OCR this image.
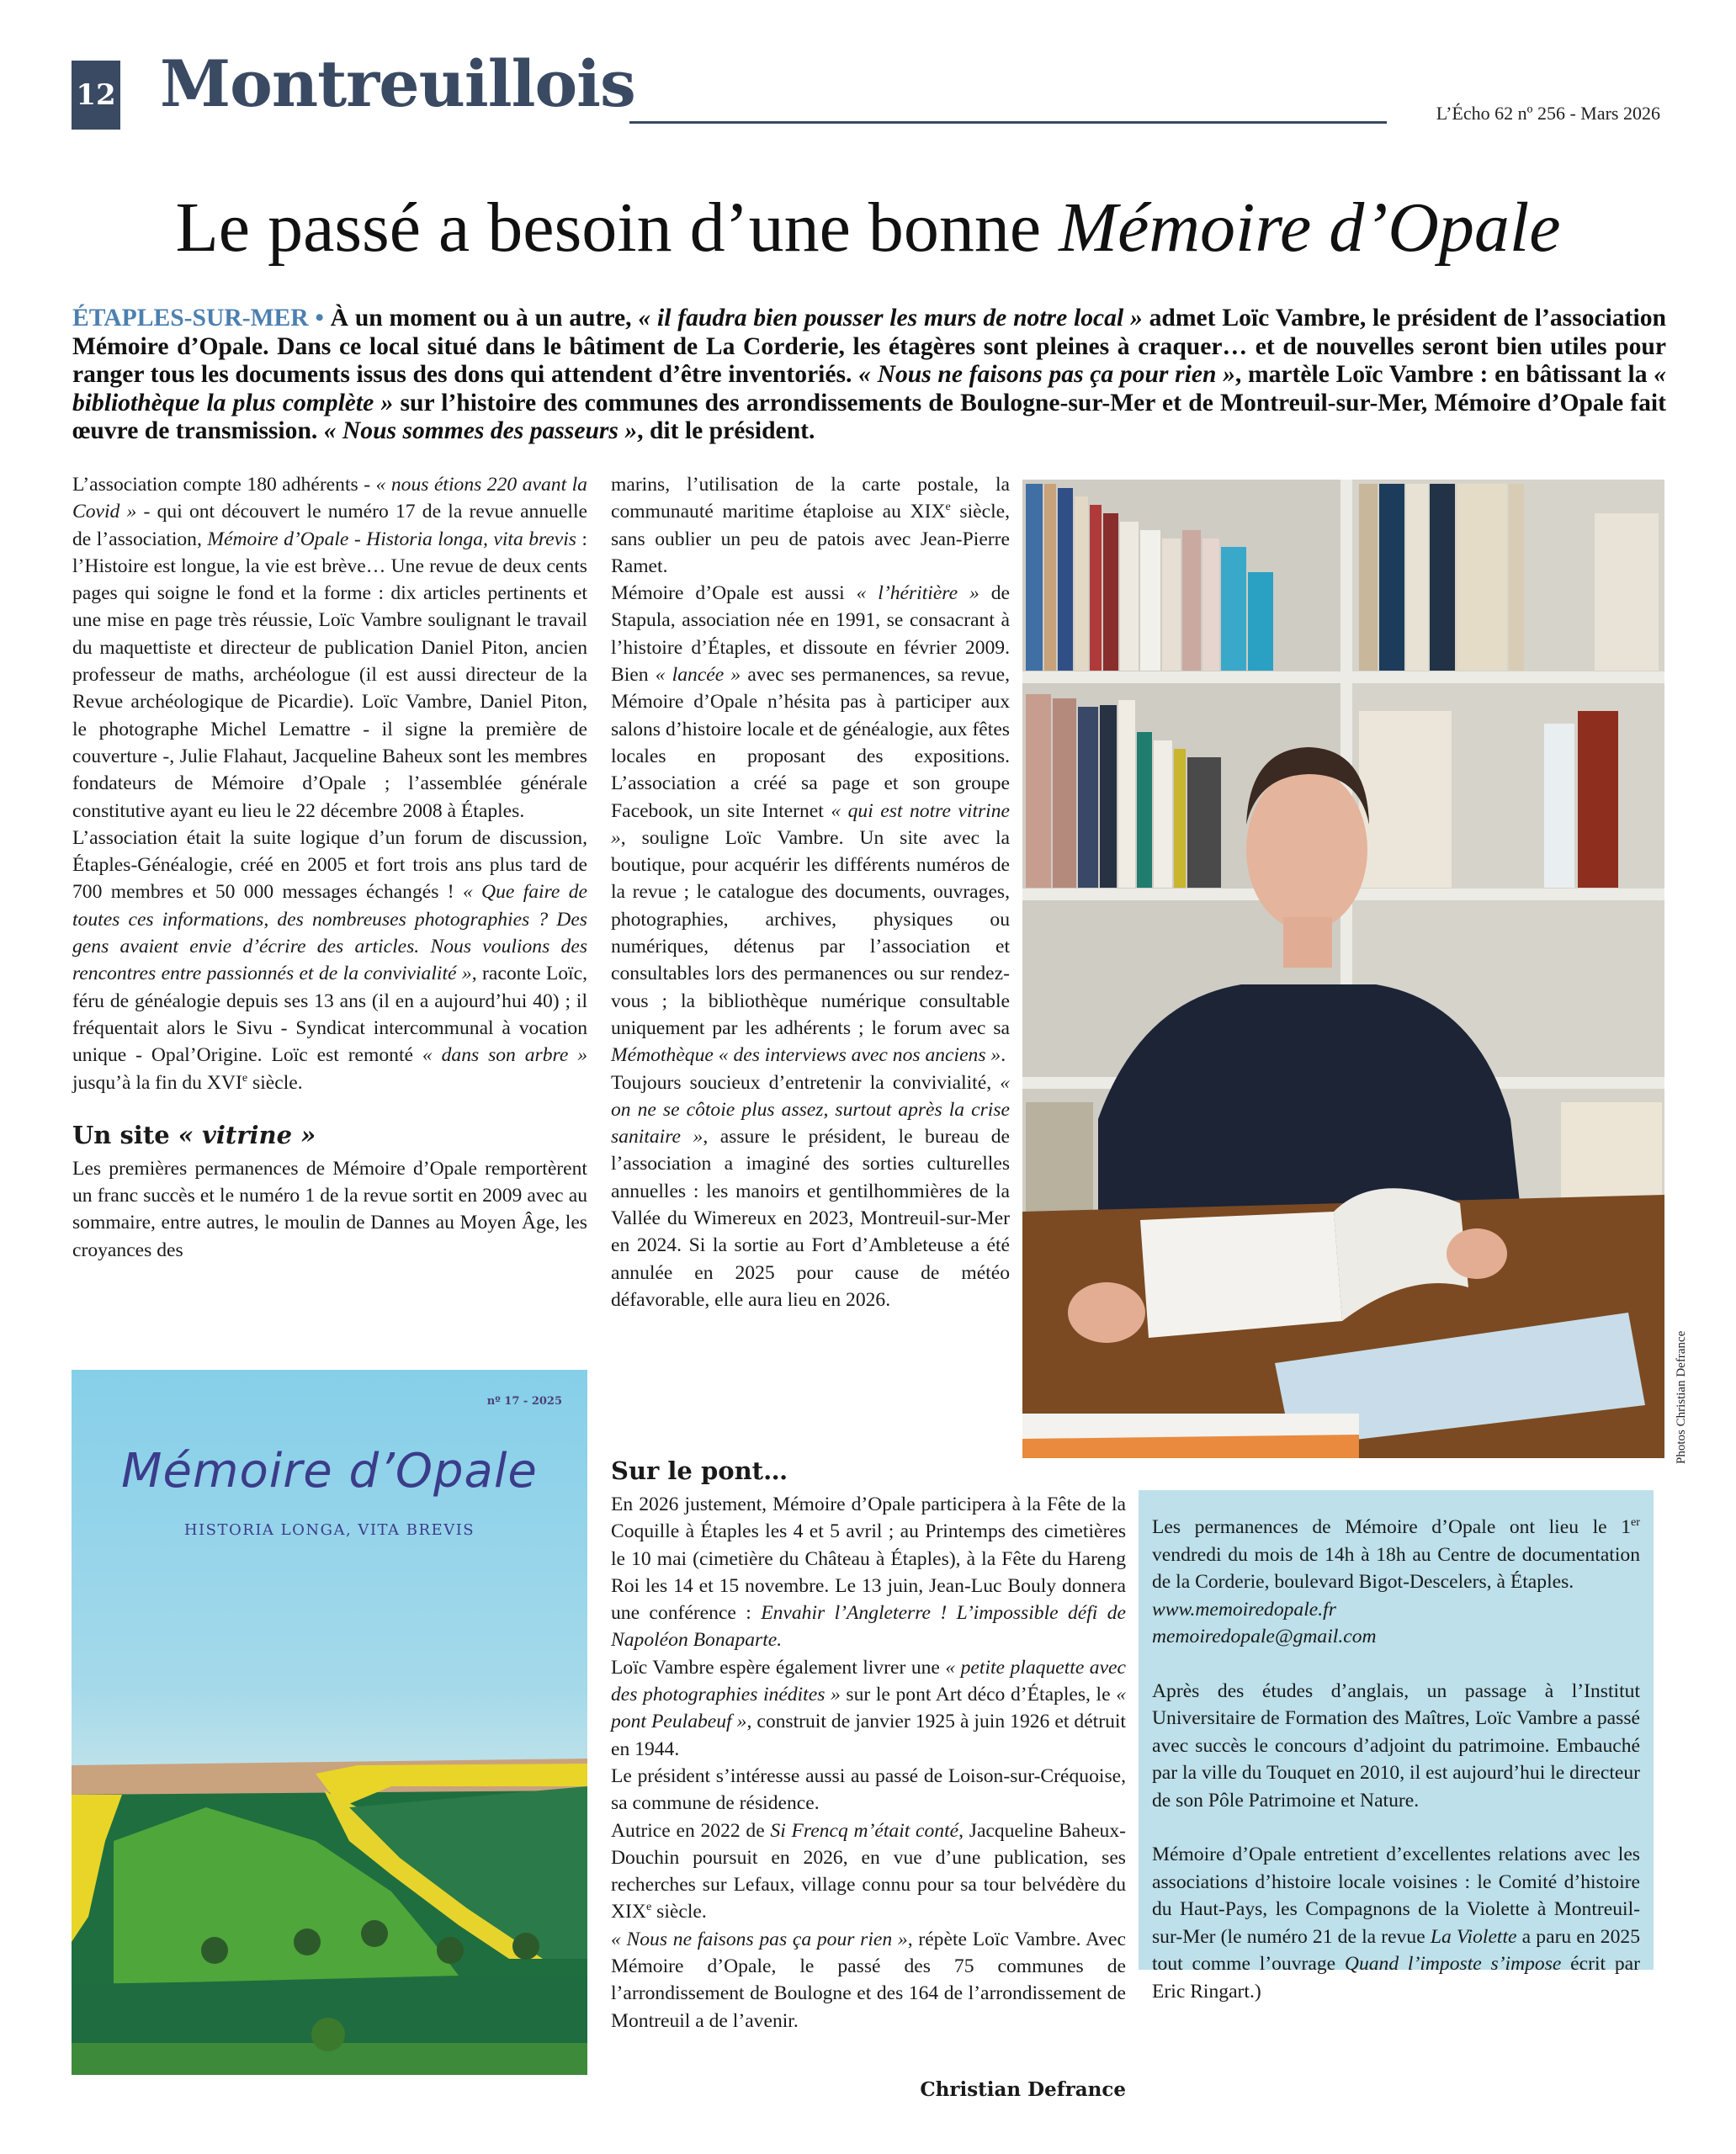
12 Montreuillois	L’Écho 62 nº 256 - Mars 2026
Le passé a besoin d’une bonne Mémoire d’Opale
ÉTAPLES-SUR-MER • À un moment ou à un autre, « il faudra bien pousser les murs de notre local » admet Loïc Vambre, le président de l’association Mémoire d’Opale. Dans ce local situé dans le bâtiment de La Corderie, les étagères sont pleines à craquer… et de nouvelles seront bien utiles pour ranger tous les documents issus des dons qui attendent d’être inventoriés. « Nous ne faisons pas ça pour rien », martèle Loïc Vambre : en bâtissant la « bibliothèque la plus complète » sur l’histoire des communes des arrondissements de Boulogne-sur-Mer et de Montreuil-sur-Mer, Mémoire d’Opale fait œuvre de transmission. « Nous sommes des passeurs », dit le président.

L’association compte 180 adhérents - « nous étions 220 avant la Covid » - qui ont découvert le numéro 17 de la revue annuelle de l’association, Mémoire d’Opale - Historia longa, vita brevis : l’Histoire est longue, la vie est brève… Une revue de deux cents pages qui soigne le fond et la forme : dix articles pertinents et une mise en page très réussie, Loïc Vambre soulignant le travail du maquettiste et directeur de publication Daniel Piton, ancien professeur de maths, archéologue (il est aussi directeur de la Revue archéologique de Picardie). Loïc Vambre, Daniel Piton, le photographe Michel Lemattre - il signe la première de couverture -, Julie Flahaut, Jacqueline Baheux sont les membres fondateurs de Mémoire d’Opale ; l’assemblée générale constitutive ayant eu lieu le 22 décembre 2008 à Étaples.

L’association était la suite logique d’un forum de discussion, Étaples-Généalogie, créé en 2005 et fort trois ans plus tard de 700 membres et 50 000 messages échangés ! « Que faire de toutes ces informations, des nombreuses photographies ? Des gens avaient envie d’écrire des articles. Nous voulions des rencontres entre passionnés et de la convivialité », raconte Loïc, féru de généalogie depuis ses 13 ans (il en a aujourd’hui 40) ; il fréquentait alors le Sivu - Syndicat intercommunal à vocation unique - Opal’Origine. Loïc est remonté « dans son arbre » jusqu’à la fin du XVIe siècle.

Un site « vitrine »

Les premières permanences de Mémoire d’Opale remportèrent un franc succès et le numéro 1 de la revue sortit en 2009 avec au sommaire, entre autres, le moulin de Dannes au Moyen Âge, les croyances des

nº 17 - 2025
Mémoire d’Opale
HISTORIA LONGA, VITA BREVIS

marins, l’utilisation de la carte postale, la communauté maritime étaploise au XIXe siècle, sans oublier un peu de patois avec Jean-Pierre Ramet.

Mémoire d’Opale est aussi « l’héritière » de Stapula, association née en 1991, se consacrant à l’histoire d’Étaples, et dissoute en février 2009. Bien « lancée » avec ses permanences, sa revue, Mémoire d’Opale n’hésita pas à participer aux salons d’histoire locale et de généalogie, aux fêtes locales en proposant des expositions. L’association a créé sa page et son groupe Facebook, un site Internet « qui est notre vitrine », souligne Loïc Vambre. Un site avec la boutique, pour acquérir les différents numéros de la revue ; le catalogue des documents, ouvrages, photographies, archives, physiques ou numériques, détenus par l’association et consultables lors des permanences ou sur rendez-vous ; la bibliothèque numérique consultable uniquement par les adhérents ; le forum avec sa Mémothèque « des interviews avec nos anciens ».

Toujours soucieux d’entretenir la convivialité, « on ne se côtoie plus assez, surtout après la crise sanitaire », assure le président, le bureau de l’association a imaginé des sorties culturelles annuelles : les manoirs et gentilhommières de la Vallée du Wimereux en 2023, Montreuil-sur-Mer en 2024. Si la sortie au Fort d’Ambleteuse a été annulée en 2025 pour cause de météo défavorable, elle aura lieu en 2026.

Sur le pont…

En 2026 justement, Mémoire d’Opale participera à la Fête de la Coquille à Étaples les 4 et 5 avril ; au Printemps des cimetières le 10 mai (cimetière du Château à Étaples), à la Fête du Hareng Roi les 14 et 15 novembre. Le 13 juin, Jean-Luc Bouly donnera une conférence : Envahir l’Angleterre ! L’impossible défi de Napoléon Bonaparte.

Loïc Vambre espère également livrer une « petite plaquette avec des photographies inédites » sur le pont Art déco d’Étaples, le « pont Peulabeuf », construit de janvier 1925 à juin 1926 et détruit en 1944.

Le président s’intéresse aussi au passé de Loison-sur-Créquoise, sa commune de résidence.

Autrice en 2022 de Si Frencq m’était conté, Jacqueline Baheux-Douchin poursuit en 2026, en vue d’une publication, ses recherches sur Lefaux, village connu pour sa tour belvédère du XIXe siècle.

« Nous ne faisons pas ça pour rien », répète Loïc Vambre. Avec Mémoire d’Opale, le passé des 75 communes de l’arrondissement de Boulogne et des 164 de l’arrondissement de Montreuil a de l’avenir.

Christian Defrance

Photos Christian Defrance

Les permanences de Mémoire d’Opale ont lieu le 1er vendredi du mois de 14h à 18h au Centre de documentation de la Corderie, boulevard Bigot-Descelers, à Étaples.

www.memoiredopale.fr

memoiredopale@gmail.com

Après des études d’anglais, un passage à l’Institut Universitaire de Formation des Maîtres, Loïc Vambre a passé avec succès le concours d’adjoint du patrimoine. Embauché par la ville du Touquet en 2010, il est aujourd’hui le directeur de son Pôle Patrimoine et Nature.

Mémoire d’Opale entretient d’excellentes relations avec les associations d’histoire locale voisines : le Comité d’histoire du Haut-Pays, les Compagnons de la Violette à Montreuil-sur-Mer (le numéro 21 de la revue La Violette a paru en 2025 tout comme l’ouvrage Quand l’imposte s’impose écrit par Eric Ringart.)
